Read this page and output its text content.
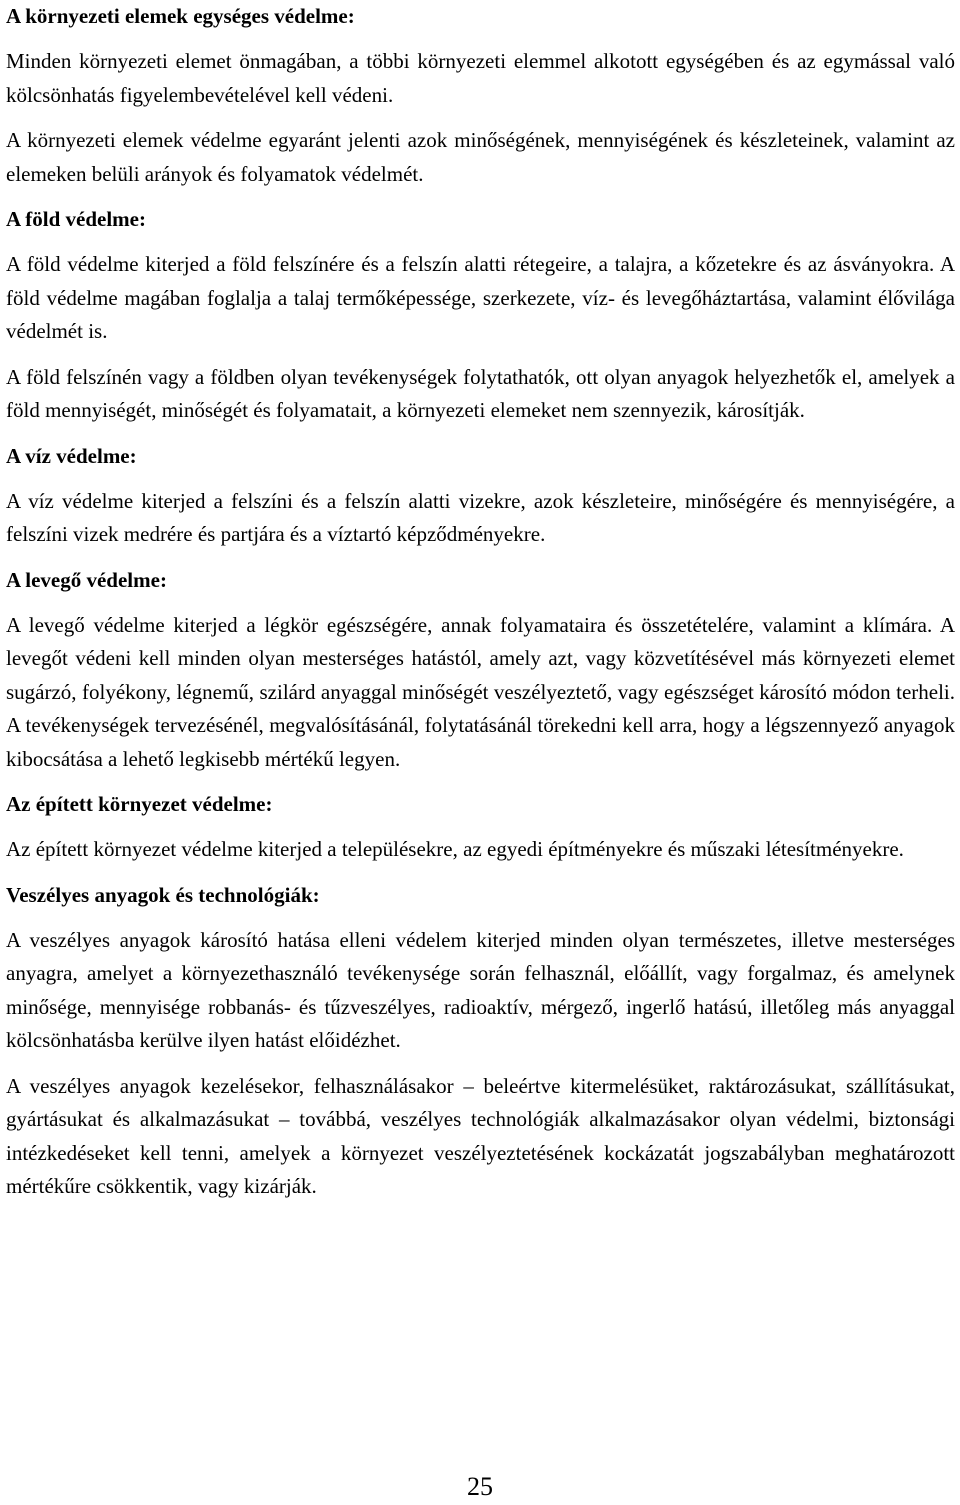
A környezeti elemek egységes védelme:
Minden környezeti elemet önmagában, a többi környezeti elemmel alkotott egységében és az egymással való kölcsönhatás figyelembevételével kell védeni.
A környezeti elemek védelme egyaránt jelenti azok minőségének, mennyiségének és készleteinek, valamint az elemeken belüli arányok és folyamatok védelmét.
A föld védelme:
A föld védelme kiterjed a föld felszínére és a felszín alatti rétegeire, a talajra, a kőzetekre és az ásványokra. A föld védelme magában foglalja a talaj termőképessége, szerkezete, víz- és levegőháztartása, valamint élővilága védelmét is.
A föld felszínén vagy a földben olyan tevékenységek folytathatók, ott olyan anyagok helyezhetők el, amelyek a föld mennyiségét, minőségét és folyamatait, a környezeti elemeket nem szennyezik, károsítják.
A víz védelme:
A víz védelme kiterjed a felszíni és a felszín alatti vizekre, azok készleteire, minőségére és mennyiségére, a felszíni vizek medrére és partjára és a víztartó képződményekre.
A levegő védelme:
A levegő védelme kiterjed a légkör egészségére, annak folyamataira és összetételére, valamint a klímára. A levegőt védeni kell minden olyan mesterséges hatástól, amely azt, vagy közvetítésével más környezeti elemet sugárzó, folyékony, légnemű, szilárd anyaggal minőségét veszélyeztető, vagy egészséget károsító módon terheli. A tevékenységek tervezésénél, megvalósításánál, folytatásánál törekedni kell arra, hogy a légszennyező anyagok kibocsátása a lehető legkisebb mértékű legyen.
Az épített környezet védelme:
Az épített környezet védelme kiterjed a településekre, az egyedi építményekre és műszaki létesítményekre.
Veszélyes anyagok és technológiák:
A veszélyes anyagok károsító hatása elleni védelem kiterjed minden olyan természetes, illetve mesterséges anyagra, amelyet a környezethasználó tevékenysége során felhasznál, előállít, vagy forgalmaz, és amelynek minősége, mennyisége robbanás- és tűzveszélyes, radioaktív, mérgező, ingerlő hatású, illetőleg más anyaggal kölcsönhatásba kerülve ilyen hatást előidézhet.
A veszélyes anyagok kezelésekor, felhasználásakor – beleértve kitermelésüket, raktározásukat, szállításukat, gyártásukat és alkalmazásukat – továbbá, veszélyes technológiák alkalmazásakor olyan védelmi, biztonsági intézkedéseket kell tenni, amelyek a környezet veszélyeztetésének kockázatát jogszabályban meghatározott mértékűre csökkentik, vagy kizárják.
25
